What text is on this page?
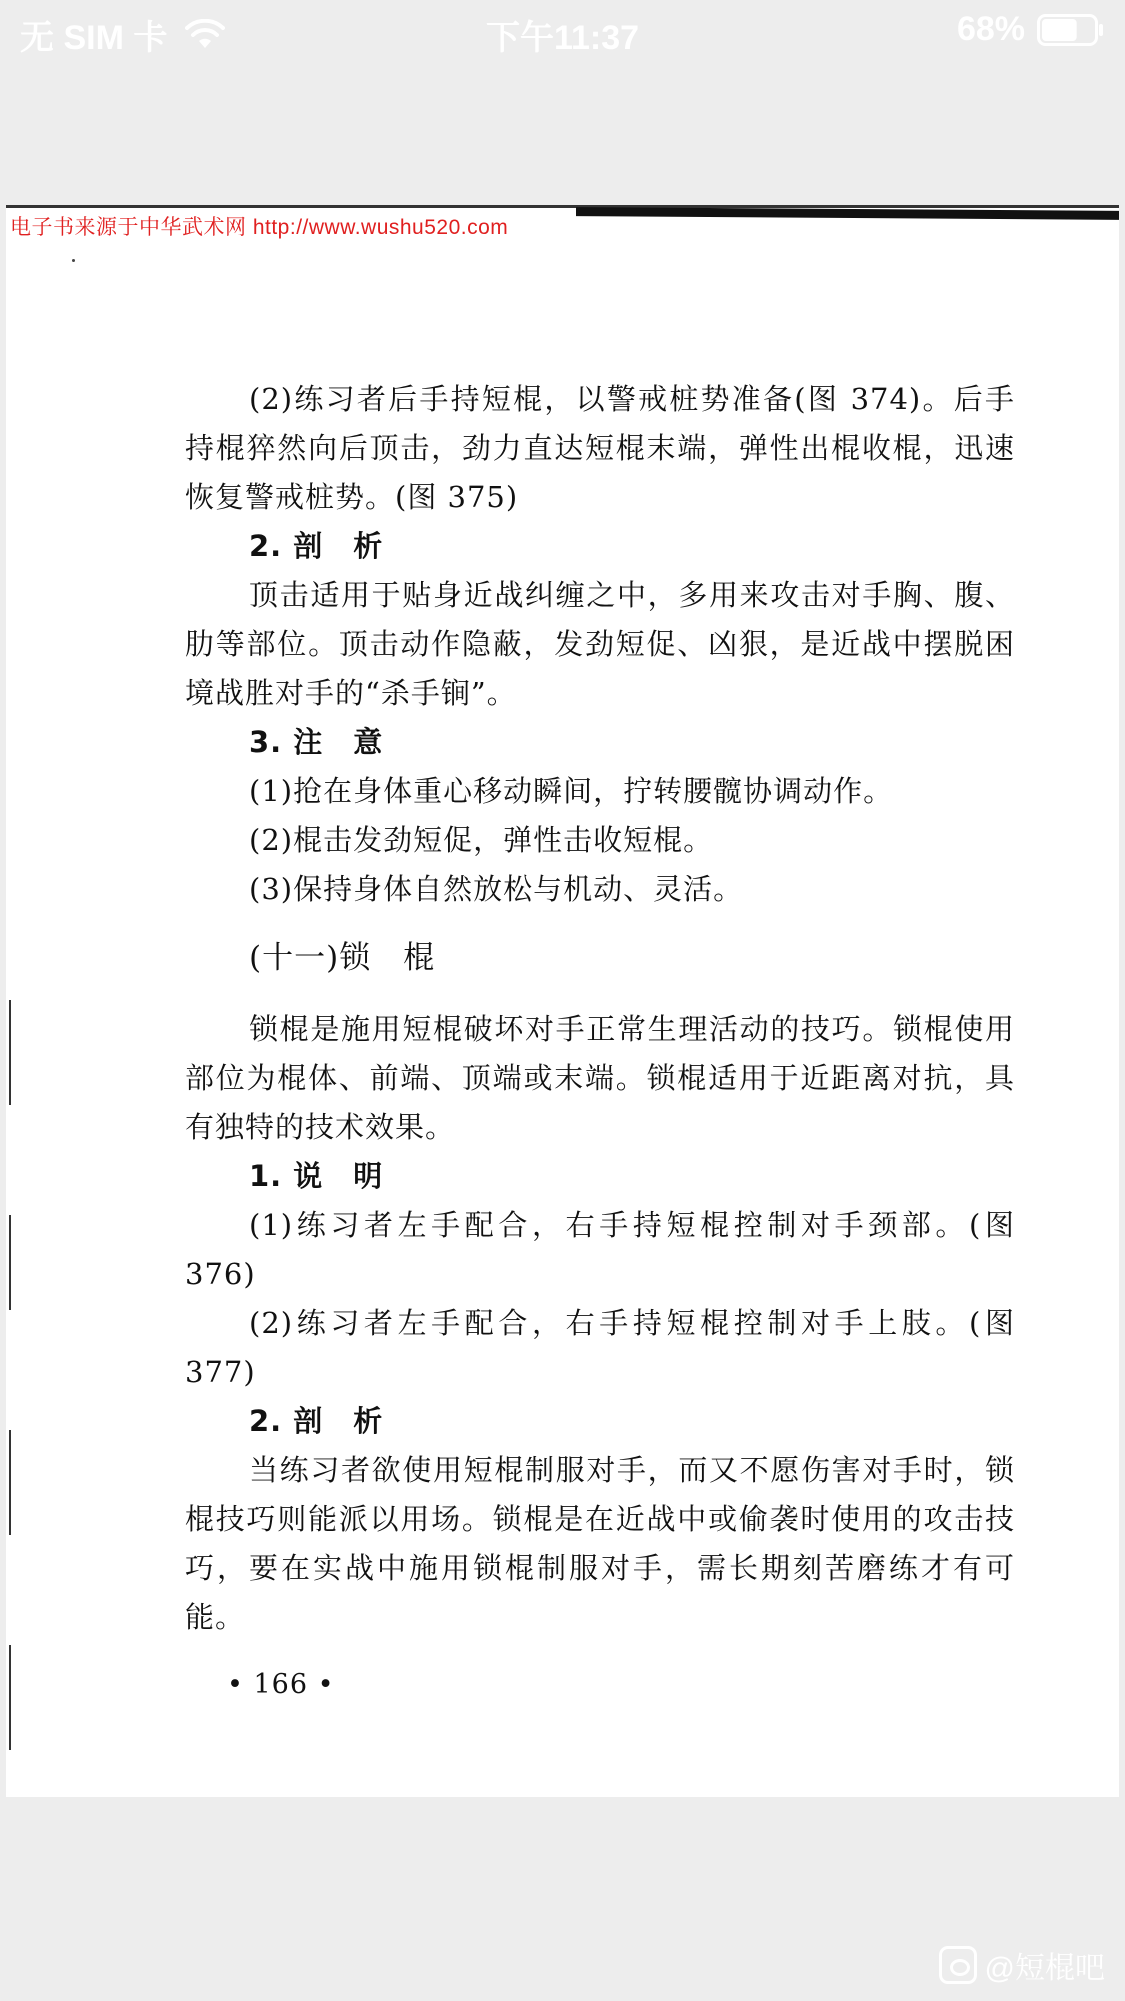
无 SIM 卡	下午11:37	68%
电子书来源于中华武术网 http://www.wushu520.com

(2)练习者后手持短棍，以警戒桩势准备(图 374)。后手持棍猝然向后顶击，劲力直达短棍末端，弹性出棍收棍，迅速恢复警戒桩势。(图 375)

2. 剖　析

顶击适用于贴身近战纠缠之中，多用来攻击对手胸、腹、肋等部位。顶击动作隐蔽，发劲短促、凶狠，是近战中摆脱困境战胜对手的“杀手锏”。

3. 注　意
(1)抢在身体重心移动瞬间，拧转腰髋协调动作。
(2)棍击发劲短促，弹性击收短棍。
(3)保持身体自然放松与机动、灵活。
(十一)锁　棍

锁棍是施用短棍破坏对手正常生理活动的技巧。锁棍使用部位为棍体、前端、顶端或末端。锁棍适用于近距离对抗，具有独特的技术效果。

1. 说　明

(1)练习者左手配合，右手持短棍控制对手颈部。(图 376)

(2)练习者左手配合，右手持短棍控制对手上肢。(图 377)

2. 剖　析

当练习者欲使用短棍制服对手，而又不愿伤害对手时，锁棍技巧则能派以用场。锁棍是在近战中或偷袭时使用的攻击技巧，要在实战中施用锁棍制服对手，需长期刻苦磨练才有可能。

• 166 •
@短棍吧
